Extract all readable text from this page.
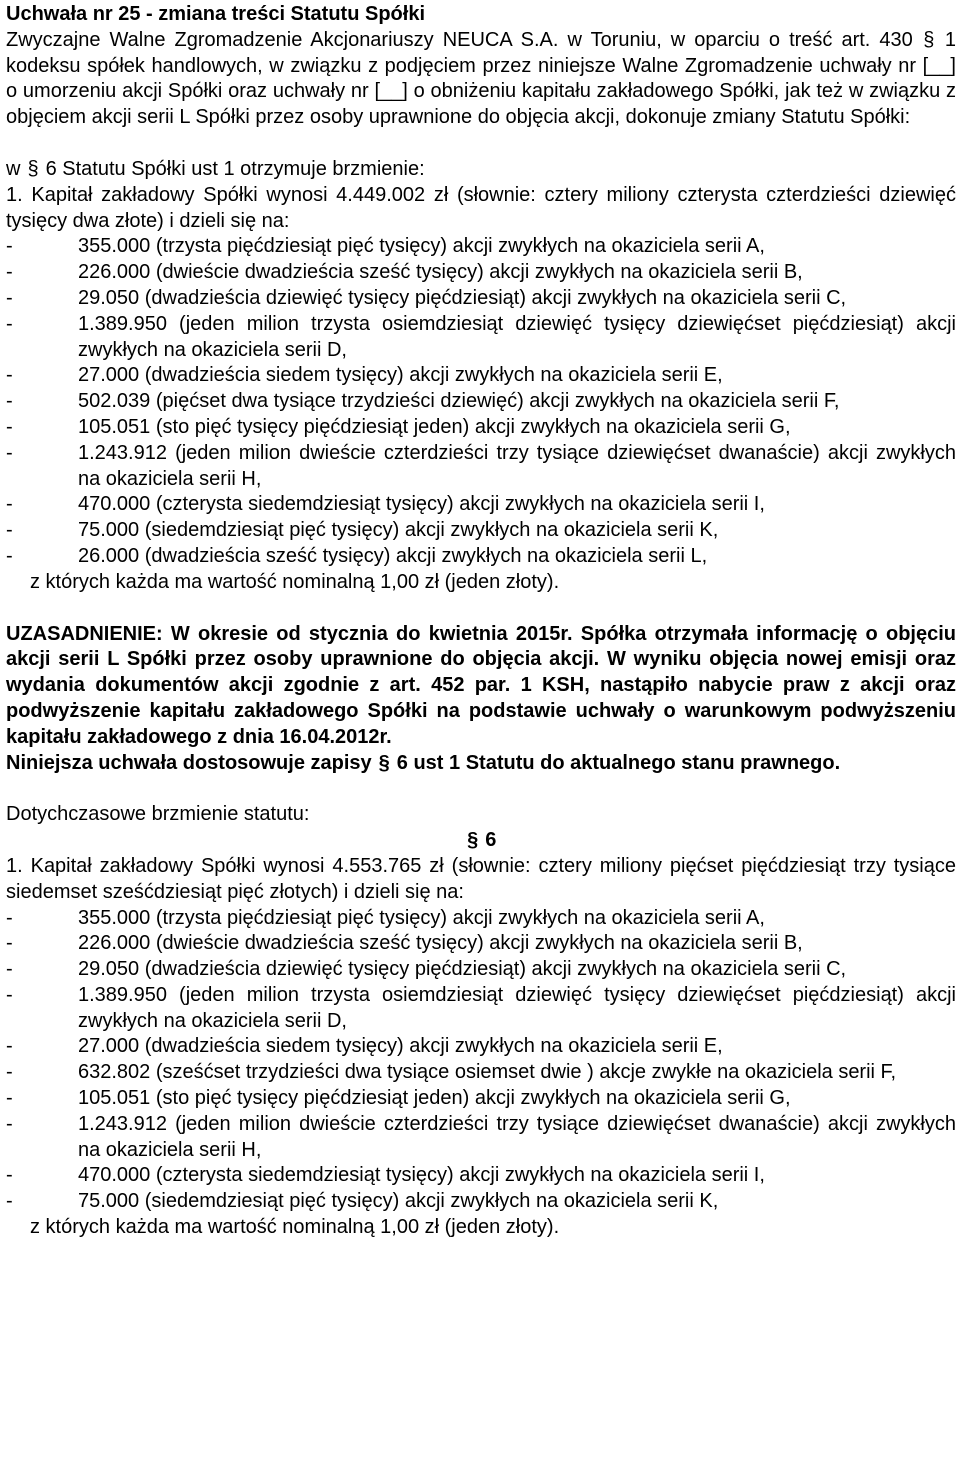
Uchwała nr 25 - zmiana treści Statutu Spółki

Zwyczajne Walne Zgromadzenie Akcjonariuszy NEUCA S.A. w Toruniu, w oparciu o treść art. 430 § 1 kodeksu spółek handlowych, w związku z podjęciem przez niniejsze Walne Zgromadzenie uchwały nr [__] o umorzeniu akcji Spółki oraz uchwały nr [__] o obniżeniu kapitału zakładowego Spółki, jak też w związku z objęciem akcji serii L Spółki przez osoby uprawnione do objęcia akcji, dokonuje zmiany Statutu Spółki:

w § 6 Statutu Spółki ust 1 otrzymuje brzmienie:

1. Kapitał zakładowy Spółki wynosi 4.449.002 zł (słownie: cztery miliony czterysta czterdzieści dziewięć tysięcy dwa złote) i dzieli się na:

-	355.000 (trzysta pięćdziesiąt pięć tysięcy) akcji zwykłych na okaziciela serii A,
-	226.000 (dwieście dwadzieścia sześć tysięcy) akcji zwykłych na okaziciela serii B,
-	29.050 (dwadzieścia dziewięć tysięcy pięćdziesiąt) akcji zwykłych na okaziciela serii C,
-	1.389.950 (jeden milion trzysta osiemdziesiąt dziewięć tysięcy dziewięćset pięćdziesiąt) akcji zwykłych na okaziciela serii D,
-	27.000 (dwadzieścia siedem tysięcy) akcji zwykłych na okaziciela serii E,
-	502.039 (pięćset dwa tysiące trzydzieści dziewięć) akcji zwykłych na okaziciela serii F,
-	105.051 (sto pięć tysięcy pięćdziesiąt jeden) akcji zwykłych na okaziciela serii G,
-	1.243.912 (jeden milion dwieście czterdzieści trzy tysiące dziewięćset dwanaście) akcji zwykłych na okaziciela serii H,
-	470.000 (czterysta siedemdziesiąt tysięcy) akcji zwykłych na okaziciela serii I,
-	75.000 (siedemdziesiąt pięć tysięcy) akcji zwykłych na okaziciela serii K,
-	26.000 (dwadzieścia sześć tysięcy) akcji zwykłych na okaziciela serii L,

z których każda ma wartość nominalną 1,00 zł (jeden złoty).

UZASADNIENIE: W okresie od stycznia do kwietnia 2015r. Spółka otrzymała informację o objęciu akcji serii L Spółki przez osoby uprawnione do objęcia akcji. W wyniku objęcia nowej emisji oraz wydania dokumentów akcji zgodnie z art. 452 par. 1 KSH, nastąpiło nabycie praw z akcji oraz podwyższenie kapitału zakładowego Spółki na podstawie uchwały o warunkowym podwyższeniu kapitału zakładowego z dnia 16.04.2012r.

Niniejsza uchwała dostosowuje zapisy § 6 ust 1 Statutu do aktualnego stanu prawnego.

Dotychczasowe brzmienie statutu:

§ 6

1. Kapitał zakładowy Spółki wynosi 4.553.765 zł (słownie: cztery miliony pięćset pięćdziesiąt trzy tysiące siedemset sześćdziesiąt pięć złotych) i dzieli się na:

-	355.000 (trzysta pięćdziesiąt pięć tysięcy) akcji zwykłych na okaziciela serii A,
-	226.000 (dwieście dwadzieścia sześć tysięcy) akcji zwykłych na okaziciela serii B,
-	29.050 (dwadzieścia dziewięć tysięcy pięćdziesiąt) akcji zwykłych na okaziciela serii C,
-	1.389.950 (jeden milion trzysta osiemdziesiąt dziewięć tysięcy dziewięćset pięćdziesiąt) akcji zwykłych na okaziciela serii D,
-	27.000 (dwadzieścia siedem tysięcy) akcji zwykłych na okaziciela serii E,
-	632.802 (sześćset trzydzieści dwa tysiące osiemset dwie ) akcje zwykłe na okaziciela serii F,
-	105.051 (sto pięć tysięcy pięćdziesiąt jeden) akcji zwykłych na okaziciela serii G,
-	1.243.912 (jeden milion dwieście czterdzieści trzy tysiące dziewięćset dwanaście) akcji zwykłych na okaziciela serii H,
-	470.000 (czterysta siedemdziesiąt tysięcy) akcji zwykłych na okaziciela serii I,
-	75.000 (siedemdziesiąt pięć tysięcy) akcji zwykłych na okaziciela serii K,

z których każda ma wartość nominalną 1,00 zł (jeden złoty).
